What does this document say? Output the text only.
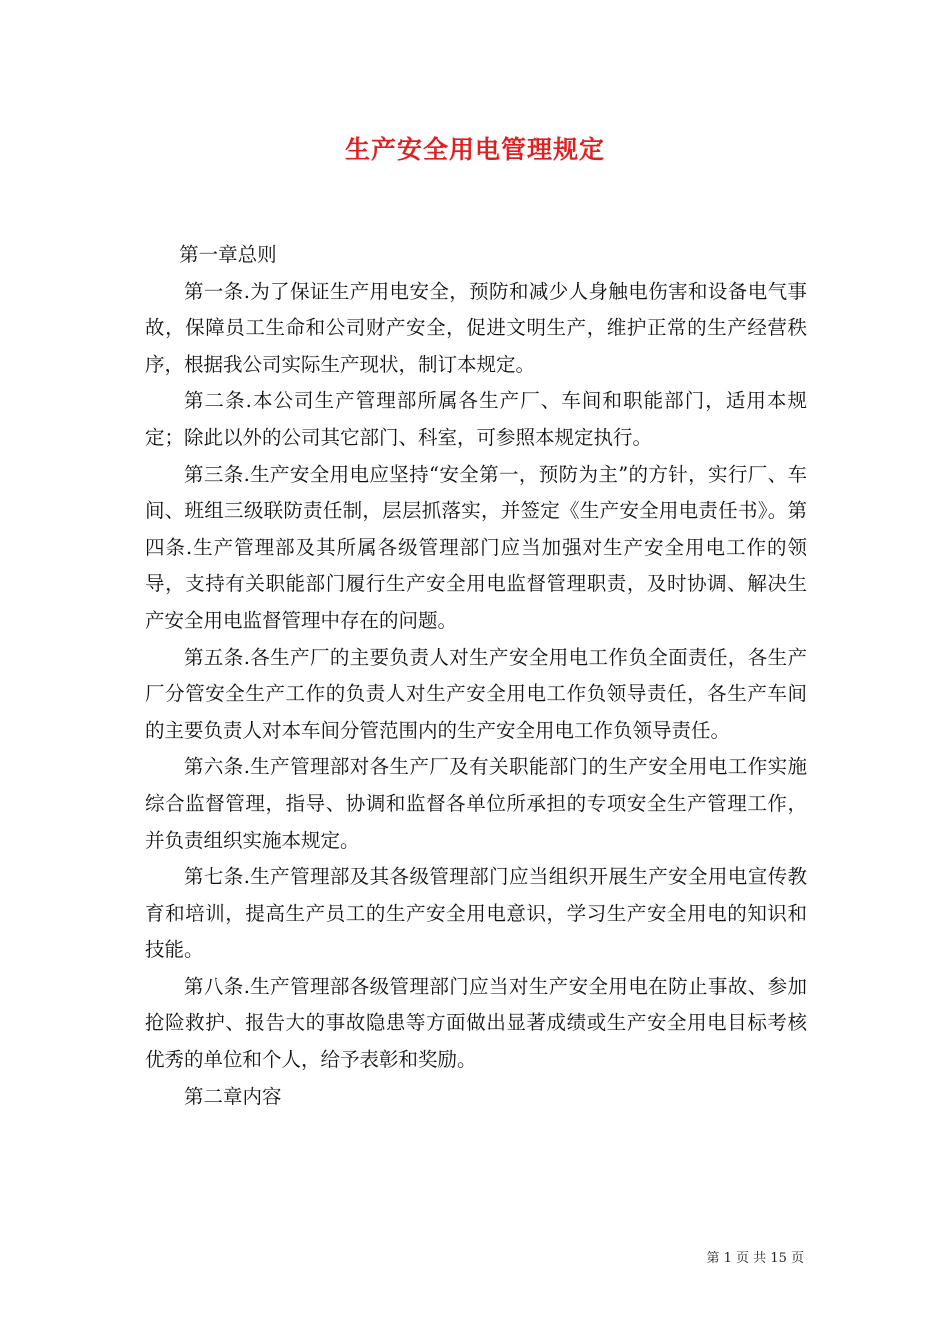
生产安全用电管理规定

第一章总则

第一条.为了保证生产用电安全，预防和减少人身触电伤害和设备电气事故，保障员工生命和公司财产安全，促进文明生产，维护正常的生产经营秩序，根据我公司实际生产现状，制订本规定。

第二条.本公司生产管理部所属各生产厂、车间和职能部门，适用本规定；除此以外的公司其它部门、科室，可参照本规定执行。

第三条.生产安全用电应坚持“安全第一，预防为主”的方针，实行厂、车间、班组三级联防责任制，层层抓落实，并签定《生产安全用电责任书》。第四条.生产管理部及其所属各级管理部门应当加强对生产安全用电工作的领导，支持有关职能部门履行生产安全用电监督管理职责，及时协调、解决生产安全用电监督管理中存在的问题。

第五条.各生产厂的主要负责人对生产安全用电工作负全面责任，各生产厂分管安全生产工作的负责人对生产安全用电工作负领导责任，各生产车间的主要负责人对本车间分管范围内的生产安全用电工作负领导责任。

第六条.生产管理部对各生产厂及有关职能部门的生产安全用电工作实施综合监督管理，指导、协调和监督各单位所承担的专项安全生产管理工作，并负责组织实施本规定。

第七条.生产管理部及其各级管理部门应当组织开展生产安全用电宣传教育和培训，提高生产员工的生产安全用电意识，学习生产安全用电的知识和技能。

第八条.生产管理部各级管理部门应当对生产安全用电在防止事故、参加抢险救护、报告大的事故隐患等方面做出显著成绩或生产安全用电目标考核优秀的单位和个人，给予表彰和奖励。

第二章内容

第 1 页 共 15 页
